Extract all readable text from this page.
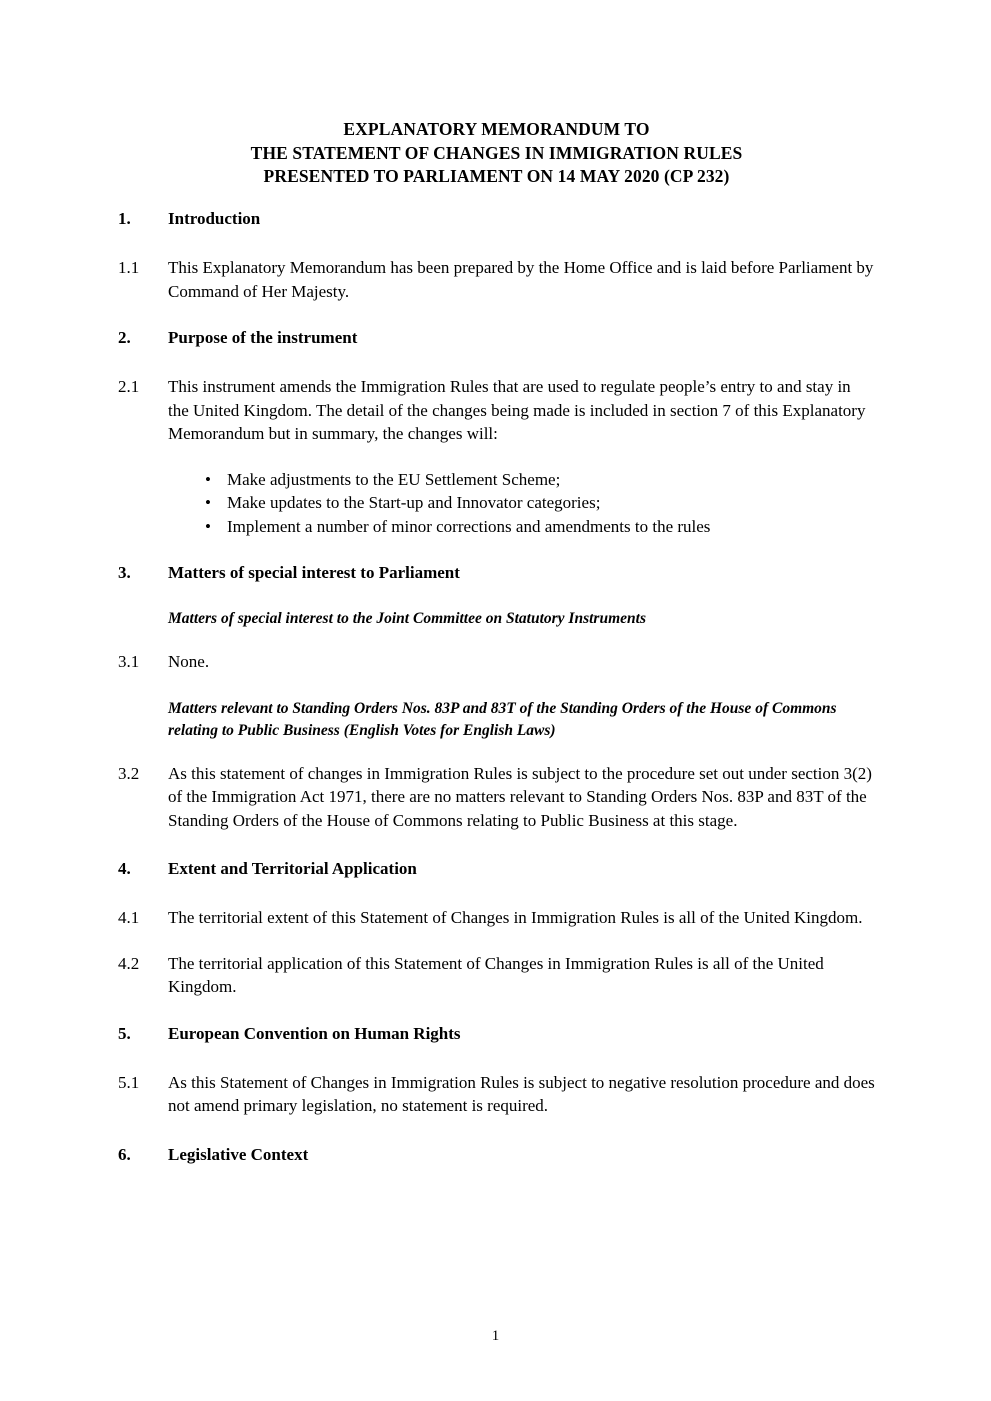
EXPLANATORY MEMORANDUM TO
THE STATEMENT OF CHANGES IN IMMIGRATION RULES
PRESENTED TO PARLIAMENT ON 14 MAY 2020 (CP 232)
1.	Introduction
1.1	This Explanatory Memorandum has been prepared by the Home Office and is laid before Parliament by Command of Her Majesty.
2.	Purpose of the instrument
2.1	This instrument amends the Immigration Rules that are used to regulate people’s entry to and stay in the United Kingdom. The detail of the changes being made is included in section 7 of this Explanatory Memorandum but in summary, the changes will:
• Make adjustments to the EU Settlement Scheme;
• Make updates to the Start-up and Innovator categories;
• Implement a number of minor corrections and amendments to the rules
3.	Matters of special interest to Parliament
Matters of special interest to the Joint Committee on Statutory Instruments
3.1	None.
Matters relevant to Standing Orders Nos. 83P and 83T of the Standing Orders of the House of Commons relating to Public Business (English Votes for English Laws)
3.2	As this statement of changes in Immigration Rules is subject to the procedure set out under section 3(2) of the Immigration Act 1971, there are no matters relevant to Standing Orders Nos. 83P and 83T of the Standing Orders of the House of Commons relating to Public Business at this stage.
4.	Extent and Territorial Application
4.1	The territorial extent of this Statement of Changes in Immigration Rules is all of the United Kingdom.
4.2	The territorial application of this Statement of Changes in Immigration Rules is all of the United Kingdom.
5.	European Convention on Human Rights
5.1	As this Statement of Changes in Immigration Rules is subject to negative resolution procedure and does not amend primary legislation, no statement is required.
6.	Legislative Context
1
